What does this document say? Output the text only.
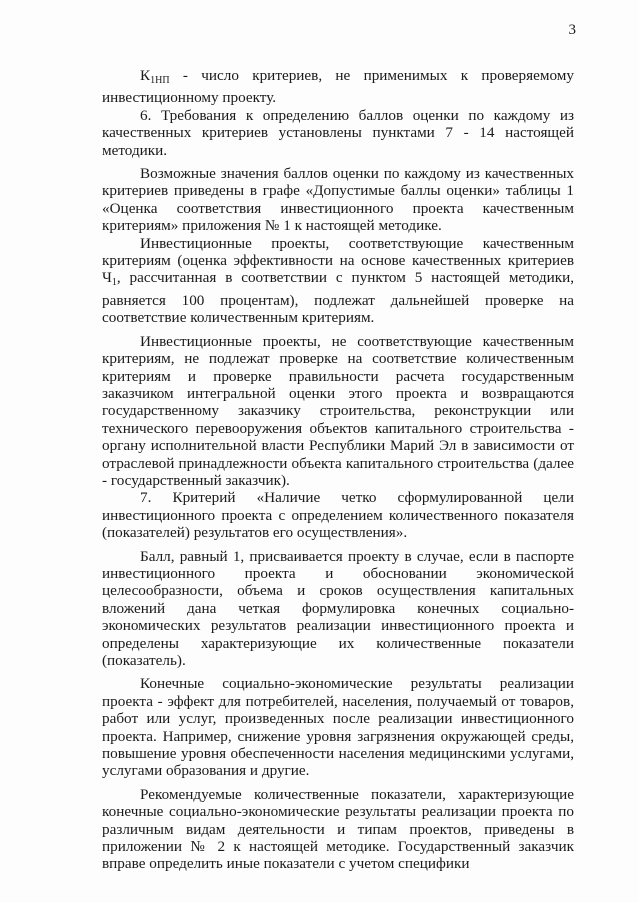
3

К1НП - число критериев, не применимых к проверяемому инвестиционному проекту.

6. Требования к определению баллов оценки по каждому из качественных критериев установлены пунктами 7 - 14 настоящей методики.

Возможные значения баллов оценки по каждому из качественных критериев приведены в графе «Допустимые баллы оценки» таблицы 1 «Оценка соответствия инвестиционного проекта качественным критериям» приложения № 1 к настоящей методике.

Инвестиционные проекты, соответствующие качественным критериям (оценка эффективности на основе качественных критериев Ч1, рассчитанная в соответствии с пунктом 5 настоящей методики, равняется 100 процентам), подлежат дальнейшей проверке на соответствие количественным критериям.

Инвестиционные проекты, не соответствующие качественным критериям, не подлежат проверке на соответствие количественным критериям и проверке правильности расчета государственным заказчиком интегральной оценки этого проекта и возвращаются государственному заказчику строительства, реконструкции или технического перевооружения объектов капитального строительства - органу исполнительной власти Республики Марий Эл в зависимости от отраслевой принадлежности объекта капитального строительства (далее - государственный заказчик).

7. Критерий «Наличие четко сформулированной цели инвестиционного проекта с определением количественного показателя (показателей) результатов его осуществления».

Балл, равный 1, присваивается проекту в случае, если в паспорте инвестиционного проекта и обосновании экономической целесообразности, объема и сроков осуществления капитальных вложений дана четкая формулировка конечных социально-экономических результатов реализации инвестиционного проекта и определены характеризующие их количественные показатели (показатель).

Конечные социально-экономические результаты реализации проекта - эффект для потребителей, населения, получаемый от товаров, работ или услуг, произведенных после реализации инвестиционного проекта. Например, снижение уровня загрязнения окружающей среды, повышение уровня обеспеченности населения медицинскими услугами, услугами образования и другие.

Рекомендуемые количественные показатели, характеризующие конечные социально-экономические результаты реализации проекта по различным видам деятельности и типам проектов, приведены в приложении № 2 к настоящей методике. Государственный заказчик вправе определить иные показатели с учетом специфики
